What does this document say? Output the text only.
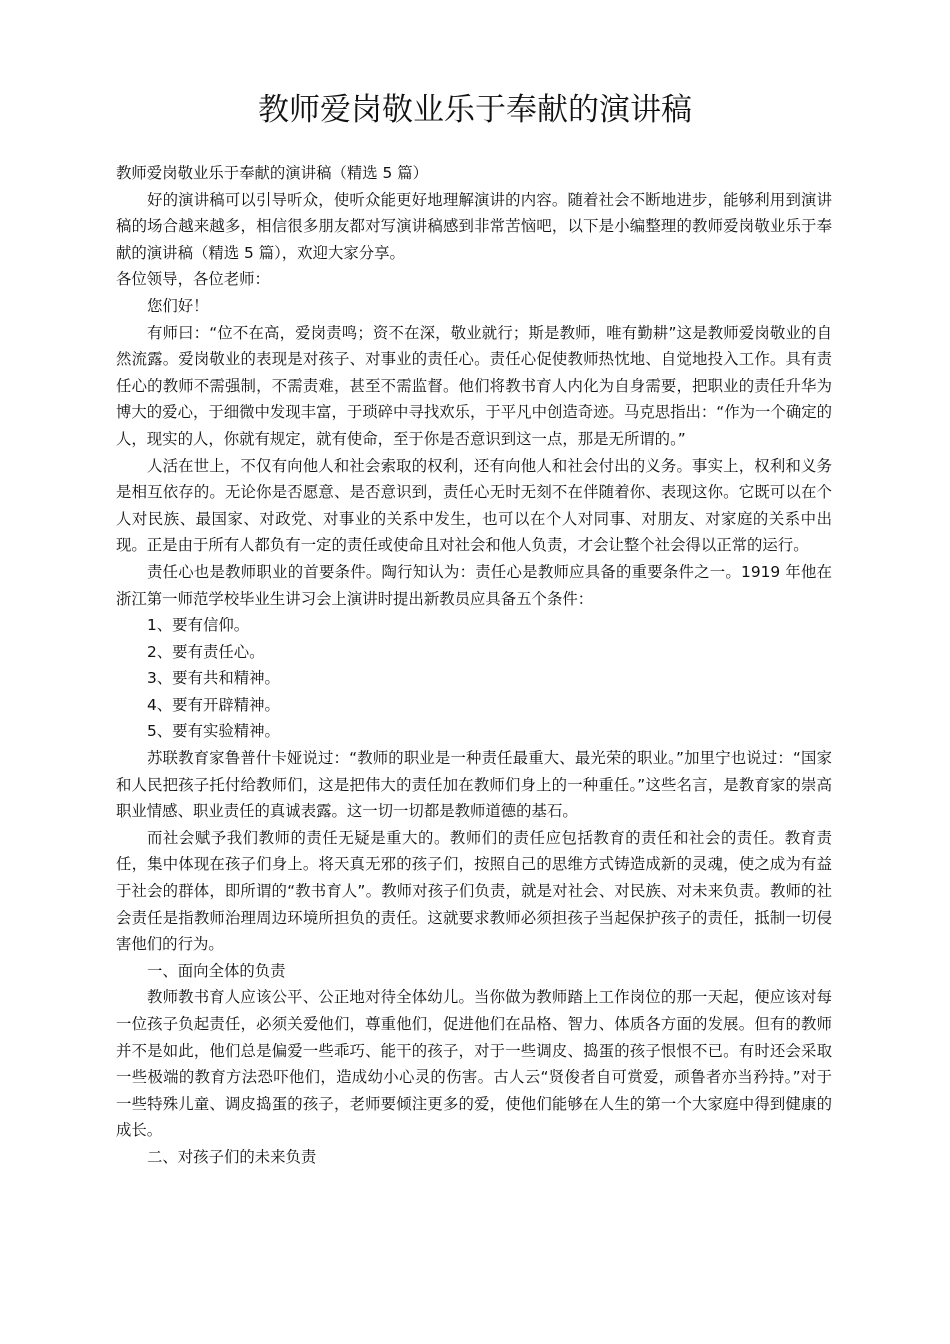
教师爱岗敬业乐于奉献的演讲稿

教师爱岗敬业乐于奉献的演讲稿（精选 5 篇）

好的演讲稿可以引导听众，使听众能更好地理解演讲的内容。随着社会不断地进步，能够利用到演讲稿的场合越来越多，相信很多朋友都对写演讲稿感到非常苦恼吧，以下是小编整理的教师爱岗敬业乐于奉献的演讲稿（精选 5 篇），欢迎大家分享。

各位领导，各位老师：

您们好！

有师曰：“位不在高，爱岗责鸣；资不在深，敬业就行；斯是教师，唯有勤耕”这是教师爱岗敬业的自然流露。爱岗敬业的表现是对孩子、对事业的责任心。责任心促使教师热忱地、自觉地投入工作。具有责任心的教师不需强制，不需责难，甚至不需监督。他们将教书育人内化为自身需要，把职业的责任升华为博大的爱心，于细微中发现丰富，于琐碎中寻找欢乐，于平凡中创造奇迹。马克思指出：“作为一个确定的人，现实的人，你就有规定，就有使命，至于你是否意识到这一点，那是无所谓的。”

人活在世上，不仅有向他人和社会索取的权利，还有向他人和社会付出的义务。事实上，权利和义务是相互依存的。无论你是否愿意、是否意识到，责任心无时无刻不在伴随着你、表现这你。它既可以在个人对民族、最国家、对政党、对事业的关系中发生，也可以在个人对同事、对朋友、对家庭的关系中出现。正是由于所有人都负有一定的责任或使命且对社会和他人负责，才会让整个社会得以正常的运行。

责任心也是教师职业的首要条件。陶行知认为：责任心是教师应具备的重要条件之一。1919 年他在浙江第一师范学校毕业生讲习会上演讲时提出新教员应具备五个条件：

1、要有信仰。

2、要有责任心。

3、要有共和精神。

4、要有开辟精神。

5、要有实验精神。

苏联教育家鲁普什卡娅说过：“教师的职业是一种责任最重大、最光荣的职业。”加里宁也说过：“国家和人民把孩子托付给教师们，这是把伟大的责任加在教师们身上的一种重任。”这些名言，是教育家的崇高职业情感、职业责任的真诚表露。这一切一切都是教师道德的基石。

而社会赋予我们教师的责任无疑是重大的。教师们的责任应包括教育的责任和社会的责任。教育责任，集中体现在孩子们身上。将天真无邪的孩子们，按照自己的思维方式铸造成新的灵魂，使之成为有益于社会的群体，即所谓的“教书育人”。教师对孩子们负责，就是对社会、对民族、对未来负责。教师的社会责任是指教师治理周边环境所担负的责任。这就要求教师必须担孩子当起保护孩子的责任，抵制一切侵害他们的行为。

一、面向全体的负责

教师教书育人应该公平、公正地对待全体幼儿。当你做为教师踏上工作岗位的那一天起，便应该对每一位孩子负起责任，必须关爱他们，尊重他们，促进他们在品格、智力、体质各方面的发展。但有的教师并不是如此，他们总是偏爱一些乖巧、能干的孩子，对于一些调皮、捣蛋的孩子恨恨不已。有时还会采取一些极端的教育方法恐吓他们，造成幼小心灵的伤害。古人云“贤俊者自可赏爱，顽鲁者亦当矜持。”对于一些特殊儿童、调皮捣蛋的孩子，老师要倾注更多的爱，使他们能够在人生的第一个大家庭中得到健康的成长。

二、对孩子们的未来负责
